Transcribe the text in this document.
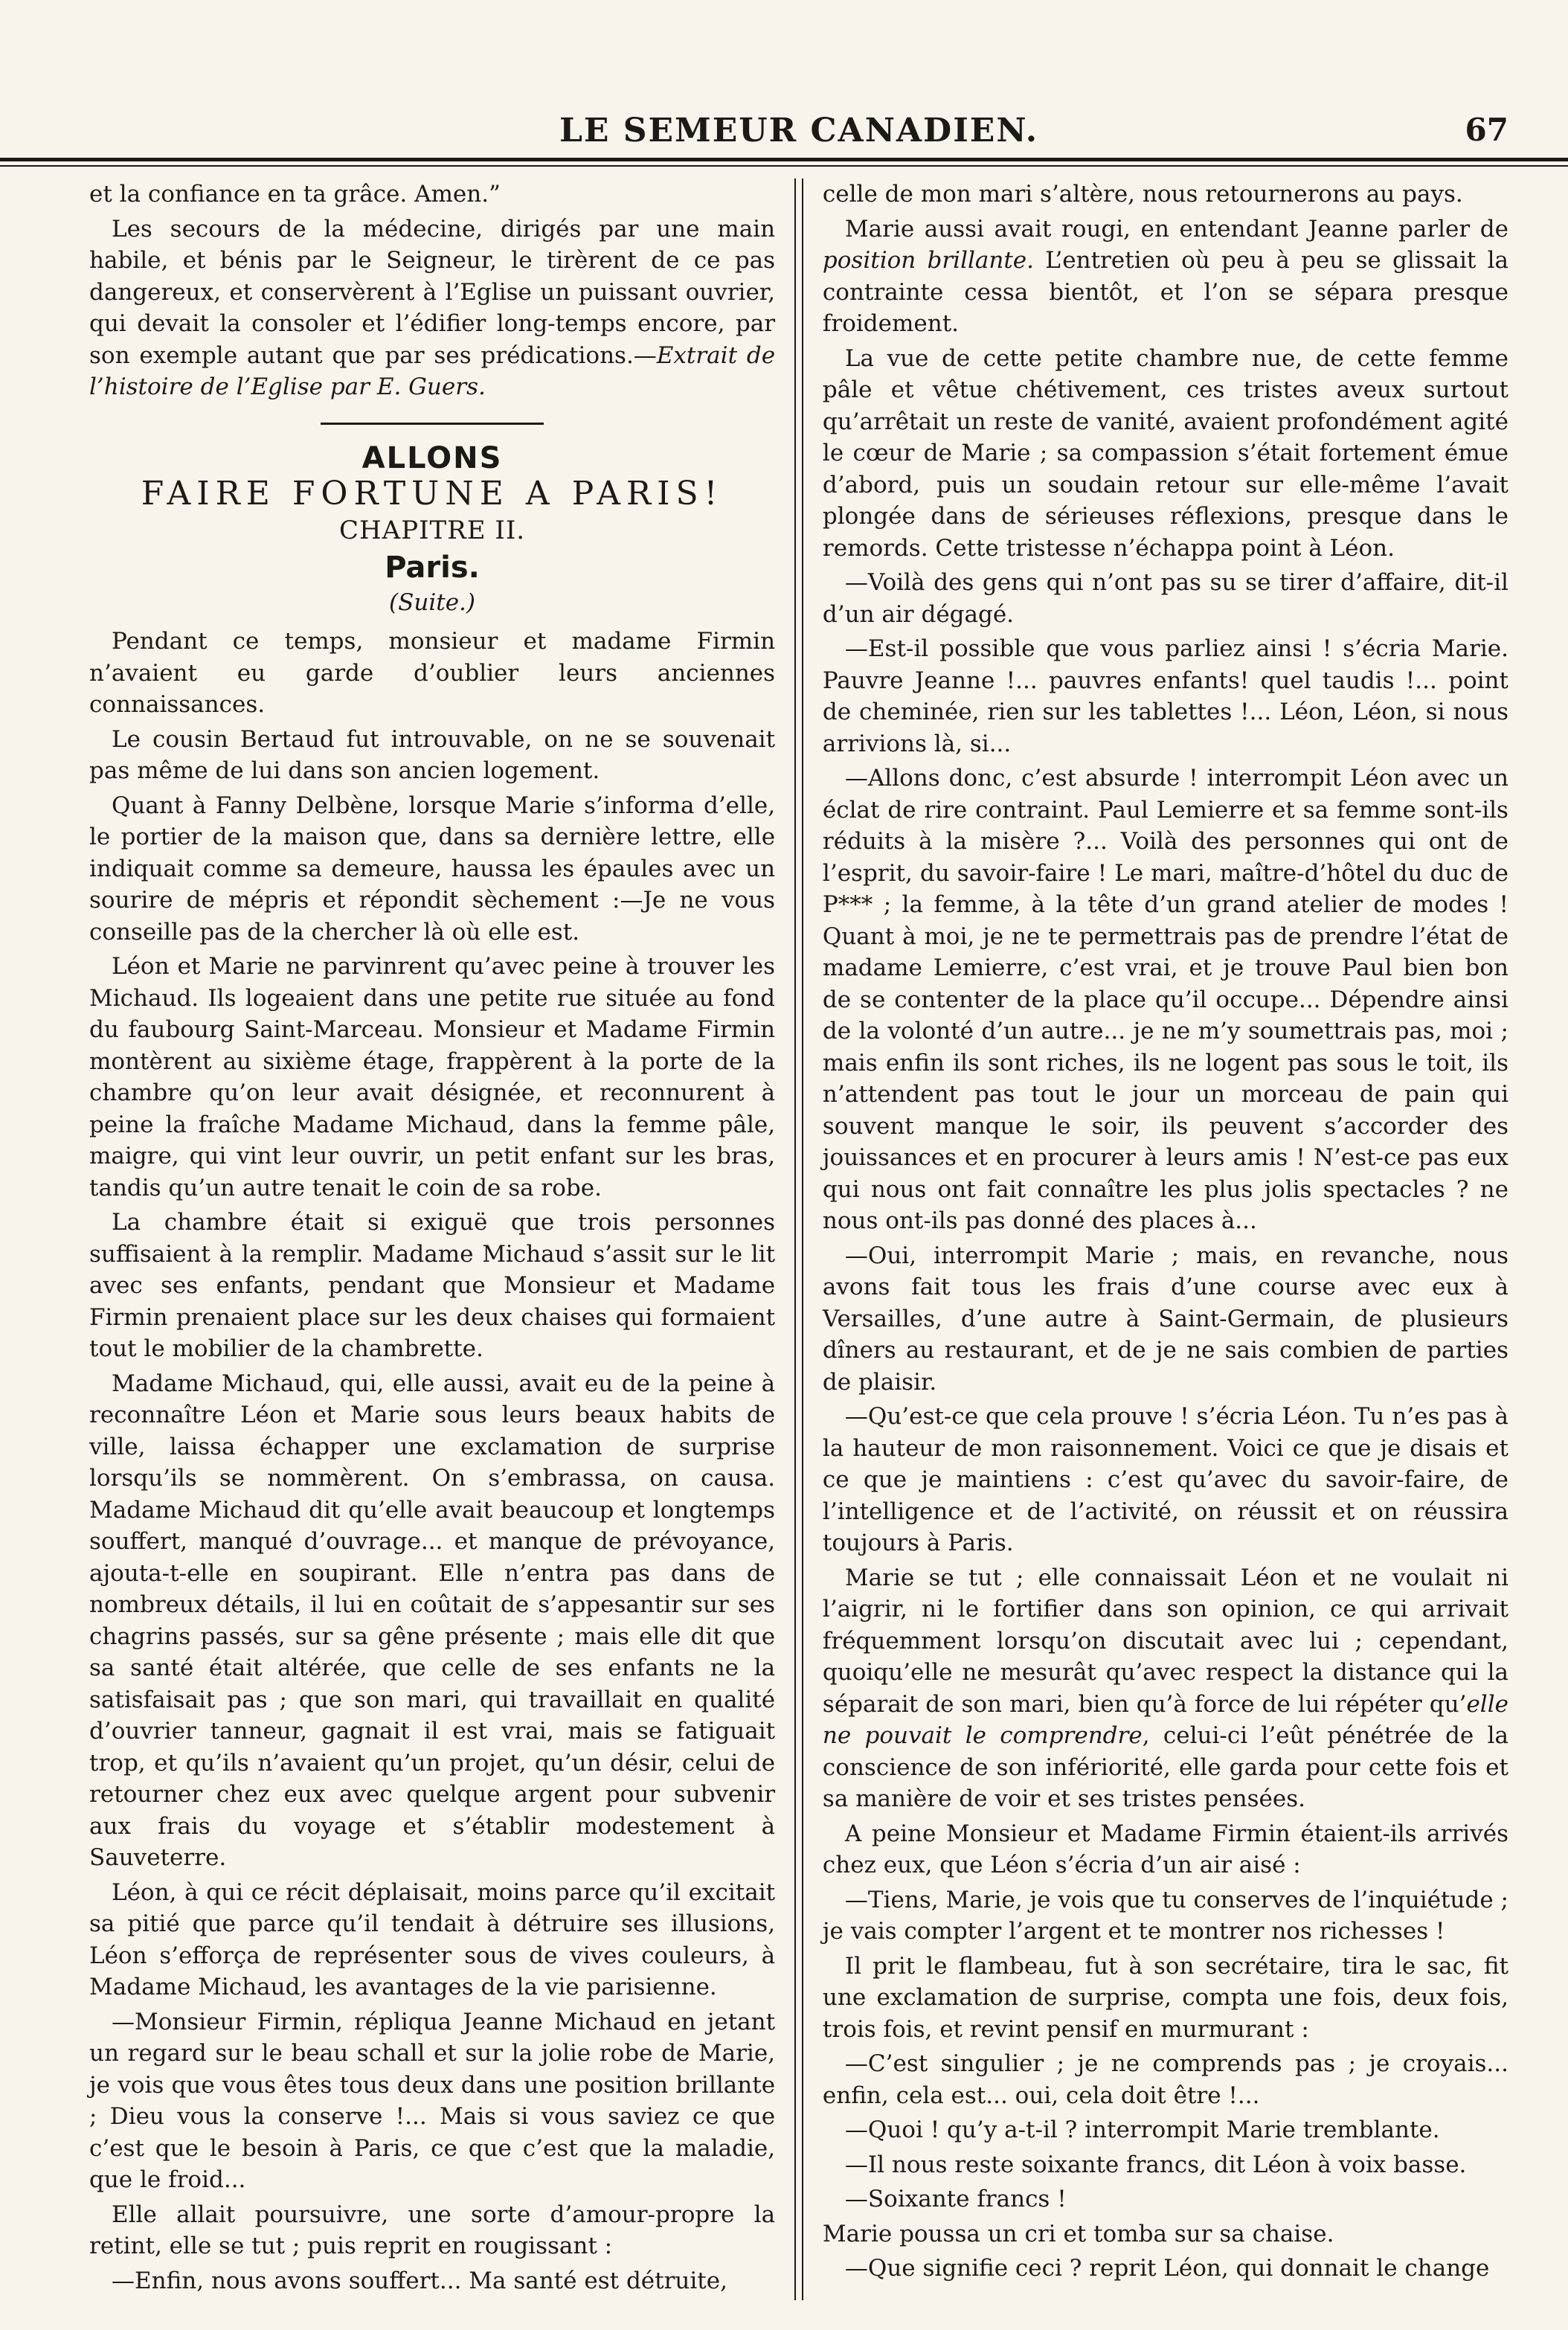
LE SEMEUR CANADIEN.	67

et la confiance en ta grâce. Amen.”

Les secours de la médecine, dirigés par une main habile, et bénis par le Seigneur, le tirèrent de ce pas dangereux, et conservèrent à l’Eglise un puissant ouvrier, qui devait la consoler et l’édifier long-temps encore, par son exemple autant que par ses prédications.—Extrait de l’histoire de l’Eglise par E. Guers.

ALLONS
FAIRE FORTUNE A PARIS!
CHAPITRE II.
Paris.
(Suite.)

Pendant ce temps, monsieur et madame Firmin n’avaient eu garde d’oublier leurs anciennes connaissances.

Le cousin Bertaud fut introuvable, on ne se souvenait pas même de lui dans son ancien logement.

Quant à Fanny Delbène, lorsque Marie s’informa d’elle, le portier de la maison que, dans sa dernière lettre, elle indiquait comme sa demeure, haussa les épaules avec un sourire de mépris et répondit sèchement :—Je ne vous conseille pas de la chercher là où elle est.

Léon et Marie ne parvinrent qu’avec peine à trouver les Michaud. Ils logeaient dans une petite rue située au fond du faubourg Saint-Marceau. Monsieur et Madame Firmin montèrent au sixième étage, frappèrent à la porte de la chambre qu’on leur avait désignée, et reconnurent à peine la fraîche Madame Michaud, dans la femme pâle, maigre, qui vint leur ouvrir, un petit enfant sur les bras, tandis qu’un autre tenait le coin de sa robe.

La chambre était si exiguë que trois personnes suffisaient à la remplir. Madame Michaud s’assit sur le lit avec ses enfants, pendant que Monsieur et Madame Firmin prenaient place sur les deux chaises qui formaient tout le mobilier de la chambrette.

Madame Michaud, qui, elle aussi, avait eu de la peine à reconnaître Léon et Marie sous leurs beaux habits de ville, laissa échapper une exclamation de surprise lorsqu’ils se nommèrent. On s’embrassa, on causa. Madame Michaud dit qu’elle avait beaucoup et longtemps souffert, manqué d’ouvrage... et manque de prévoyance, ajouta-t-elle en soupirant. Elle n’entra pas dans de nombreux détails, il lui en coûtait de s’appesantir sur ses chagrins passés, sur sa gêne présente ; mais elle dit que sa santé était altérée, que celle de ses enfants ne la satisfaisait pas ; que son mari, qui travaillait en qualité d’ouvrier tanneur, gagnait il est vrai, mais se fatiguait trop, et qu’ils n’avaient qu’un projet, qu’un désir, celui de retourner chez eux avec quelque argent pour subvenir aux frais du voyage et s’établir modestement à Sauveterre.

Léon, à qui ce récit déplaisait, moins parce qu’il excitait sa pitié que parce qu’il tendait à détruire ses illusions, Léon s’efforça de représenter sous de vives couleurs, à Madame Michaud, les avantages de la vie parisienne.

—Monsieur Firmin, répliqua Jeanne Michaud en jetant un regard sur le beau schall et sur la jolie robe de Marie, je vois que vous êtes tous deux dans une position brillante ; Dieu vous la conserve !... Mais si vous saviez ce que c’est que le besoin à Paris, ce que c’est que la maladie, que le froid...

Elle allait poursuivre, une sorte d’amour-propre la retint, elle se tut ; puis reprit en rougissant :

—Enfin, nous avons souffert... Ma santé est détruite,

celle de mon mari s’altère, nous retournerons au pays.

Marie aussi avait rougi, en entendant Jeanne parler de position brillante. L’entretien où peu à peu se glissait la contrainte cessa bientôt, et l’on se sépara presque froidement.

La vue de cette petite chambre nue, de cette femme pâle et vêtue chétivement, ces tristes aveux surtout qu’arrêtait un reste de vanité, avaient profondément agité le cœur de Marie ; sa compassion s’était fortement émue d’abord, puis un soudain retour sur elle-même l’avait plongée dans de sérieuses réflexions, presque dans le remords. Cette tristesse n’échappa point à Léon.

—Voilà des gens qui n’ont pas su se tirer d’affaire, dit-il d’un air dégagé.

—Est-il possible que vous parliez ainsi ! s’écria Marie. Pauvre Jeanne !... pauvres enfants! quel taudis !... point de cheminée, rien sur les tablettes !... Léon, Léon, si nous arrivions là, si...

—Allons donc, c’est absurde ! interrompit Léon avec un éclat de rire contraint. Paul Lemierre et sa femme sont-ils réduits à la misère ?... Voilà des personnes qui ont de l’esprit, du savoir-faire ! Le mari, maître-d’hôtel du duc de P*** ; la femme, à la tête d’un grand atelier de modes ! Quant à moi, je ne te permettrais pas de prendre l’état de madame Lemierre, c’est vrai, et je trouve Paul bien bon de se contenter de la place qu’il occupe... Dépendre ainsi de la volonté d’un autre... je ne m’y soumettrais pas, moi ; mais enfin ils sont riches, ils ne logent pas sous le toit, ils n’attendent pas tout le jour un morceau de pain qui souvent manque le soir, ils peuvent s’accorder des jouissances et en procurer à leurs amis ! N’est-ce pas eux qui nous ont fait connaître les plus jolis spectacles ? ne nous ont-ils pas donné des places à...

—Oui, interrompit Marie ; mais, en revanche, nous avons fait tous les frais d’une course avec eux à Versailles, d’une autre à Saint-Germain, de plusieurs dîners au restaurant, et de je ne sais combien de parties de plaisir.

—Qu’est-ce que cela prouve ! s’écria Léon. Tu n’es pas à la hauteur de mon raisonnement. Voici ce que je disais et ce que je maintiens : c’est qu’avec du savoir-faire, de l’intelligence et de l’activité, on réussit et on réussira toujours à Paris.

Marie se tut ; elle connaissait Léon et ne voulait ni l’aigrir, ni le fortifier dans son opinion, ce qui arrivait fréquemment lorsqu’on discutait avec lui ; cependant, quoiqu’elle ne mesurât qu’avec respect la distance qui la séparait de son mari, bien qu’à force de lui répéter qu’elle ne pouvait le comprendre, celui-ci l’eût pénétrée de la conscience de son infériorité, elle garda pour cette fois et sa manière de voir et ses tristes pensées.

A peine Monsieur et Madame Firmin étaient-ils arrivés chez eux, que Léon s’écria d’un air aisé :

—Tiens, Marie, je vois que tu conserves de l’inquiétude ; je vais compter l’argent et te montrer nos richesses !

Il prit le flambeau, fut à son secrétaire, tira le sac, fit une exclamation de surprise, compta une fois, deux fois, trois fois, et revint pensif en murmurant :

—C’est singulier ; je ne comprends pas ; je croyais... enfin, cela est... oui, cela doit être !...

—Quoi ! qu’y a-t-il ? interrompit Marie tremblante.

—Il nous reste soixante francs, dit Léon à voix basse.

—Soixante francs !

Marie poussa un cri et tomba sur sa chaise.

—Que signifie ceci ? reprit Léon, qui donnait le change
